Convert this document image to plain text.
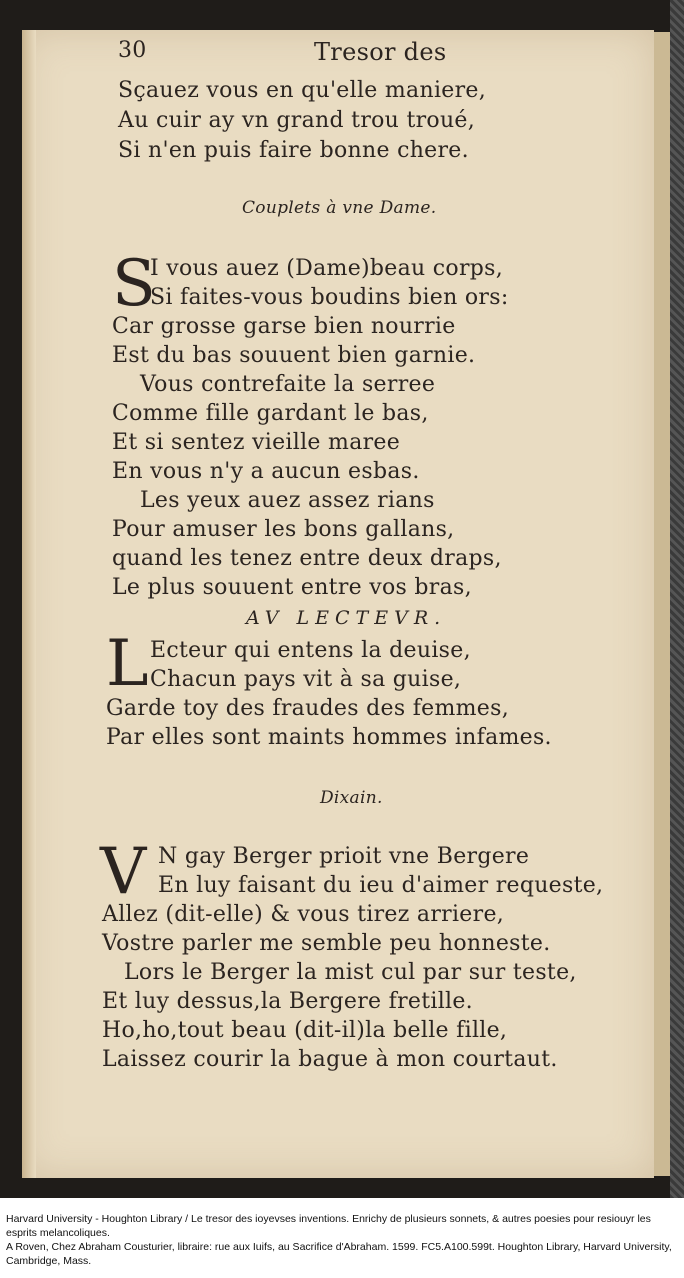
30	Tresor des
Sçauez vous en qu'elle maniere,
Au cuir ay vn grand trou troué,
Si n'en puis faire bonne chere.
Couplets à vne Dame.
S
I vous auez (Dame)beau corps,
Si faites-vous boudins bien ors:
Car grosse garse bien nourrie
Est du bas souuent bien garnie.
Vous contrefaite la serree
Comme fille gardant le bas,
Et si sentez vieille maree
En vous n'y a aucun esbas.
Les yeux auez assez rians
Pour amuser les bons gallans,
quand les tenez entre deux draps,
Le plus souuent entre vos bras,
AV LECTEVR.
L Ecteur qui entens la deuise,
Chacun pays vit à sa guise,
Garde toy des fraudes des femmes,
Par elles sont maints hommes infames.
Dixain.
V N gay Berger prioit vne Bergere
En luy faisant du ieu d'aimer requeste,
Allez (dit-elle) & vous tirez arriere,
Vostre parler me semble peu honneste.
Lors le Berger la mist cul par sur teste,
Et luy dessus,la Bergere fretille.
Ho,ho,tout beau (dit-il)la belle fille,
Laissez courir la bague à mon courtaut.
Harvard University - Houghton Library / Le tresor des ioyevses inventions. Enrichy de plusieurs sonnets, & autres poesies pour resiouyr les esprits melancoliques.
A Roven, Chez Abraham Cousturier, libraire: rue aux Iuifs, au Sacrifice d'Abraham. 1599. FC5.A100.599t. Houghton Library, Harvard University, Cambridge, Mass.
